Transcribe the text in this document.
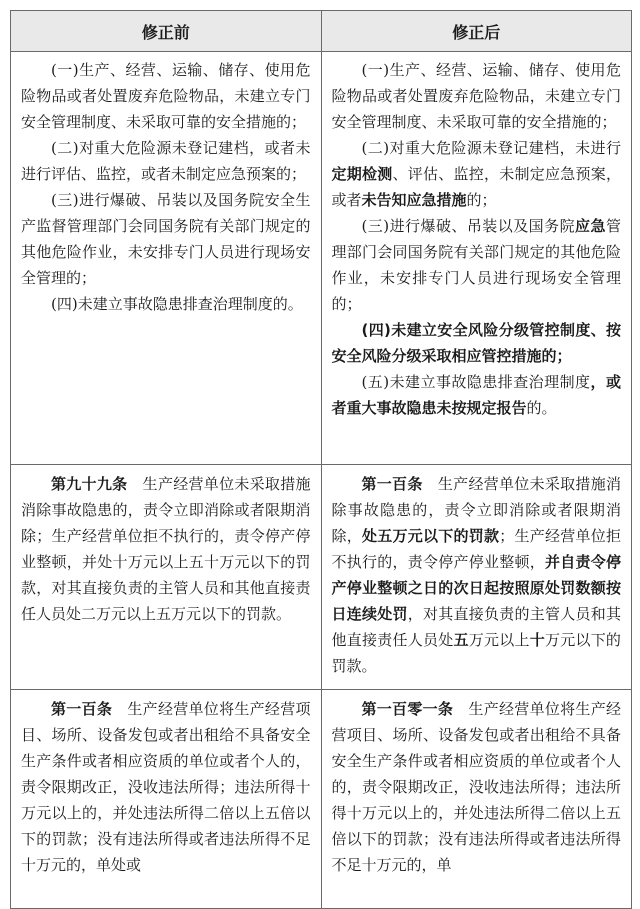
修正前	修正后

(一)生产、经营、运输、储存、使用危险物品或者处置废弃危险物品，未建立专门安全管理制度、未采取可靠的安全措施的；

(二)对重大危险源未登记建档，或者未进行评估、监控，或者未制定应急预案的；

(三)进行爆破、吊装以及国务院安全生产监督管理部门会同国务院有关部门规定的其他危险作业，未安排专门人员进行现场安全管理的；

(四)未建立事故隐患排查治理制度的。

(一)生产、经营、运输、储存、使用危险物品或者处置废弃危险物品，未建立专门安全管理制度、未采取可靠的安全措施的；

(二)对重大危险源未登记建档，未进行定期检测、评估、监控，未制定应急预案，或者未告知应急措施的；

(三)进行爆破、吊装以及国务院应急管理部门会同国务院有关部门规定的其他危险作业，未安排专门人员进行现场安全管理的；

(四)未建立安全风险分级管控制度、按安全风险分级采取相应管控措施的；

(五)未建立事故隐患排查治理制度，或者重大事故隐患未按规定报告的。

第九十九条　生产经营单位未采取措施消除事故隐患的，责令立即消除或者限期消除；生产经营单位拒不执行的，责令停产停业整顿，并处十万元以上五十万元以下的罚款，对其直接负责的主管人员和其他直接责任人员处二万元以上五万元以下的罚款。

第一百条　生产经营单位未采取措施消除事故隐患的，责令立即消除或者限期消除，处五万元以下的罚款；生产经营单位拒不执行的，责令停产停业整顿，并自责令停产停业整顿之日的次日起按照原处罚数额按日连续处罚，对其直接负责的主管人员和其他直接责任人员处五万元以上十万元以下的罚款。

第一百条　生产经营单位将生产经营项目、场所、设备发包或者出租给不具备安全生产条件或者相应资质的单位或者个人的，责令限期改正，没收违法所得；违法所得十万元以上的，并处违法所得二倍以上五倍以下的罚款；没有违法所得或者违法所得不足十万元的，单处或

第一百零一条　生产经营单位将生产经营项目、场所、设备发包或者出租给不具备安全生产条件或者相应资质的单位或者个人的，责令限期改正，没收违法所得；违法所得十万元以上的，并处违法所得二倍以上五倍以下的罚款；没有违法所得或者违法所得不足十万元的，单
